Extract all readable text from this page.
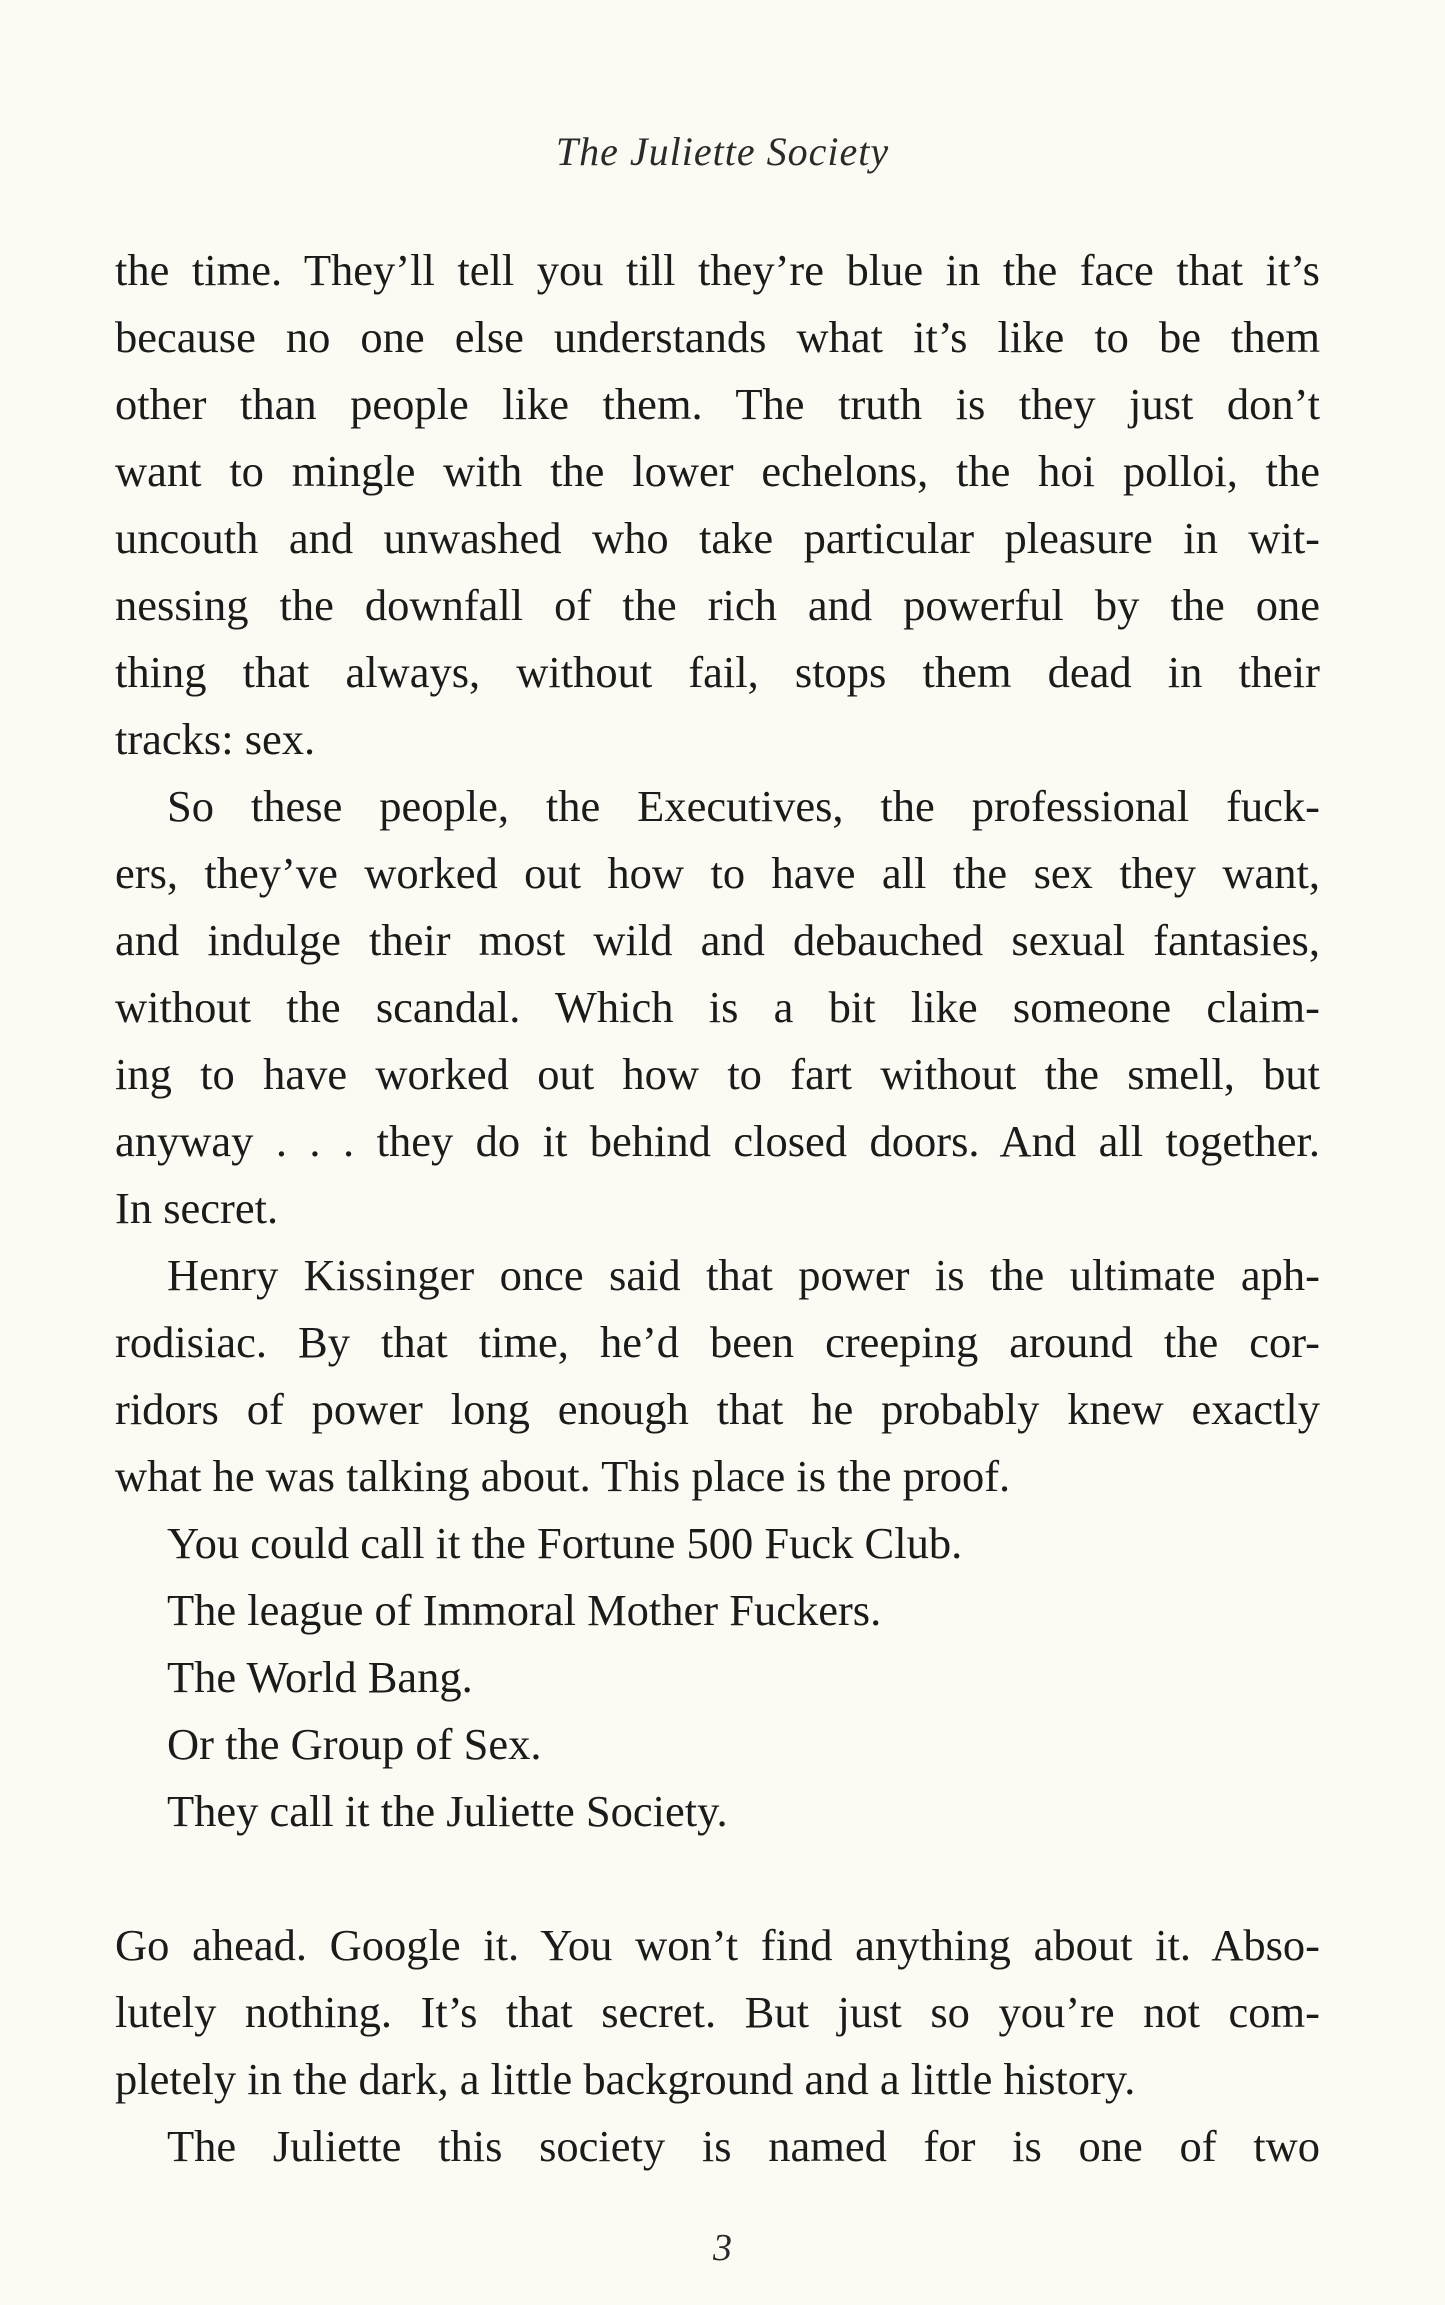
The Juliette Society
the time. They’ll tell you till they’re blue in the face that it’s
because no one else understands what it’s like to be them
other than people like them. The truth is they just don’t
want to mingle with the lower echelons, the hoi polloi, the
uncouth and unwashed who take particular pleasure in wit-
nessing the downfall of the rich and powerful by the one
thing that always, without fail, stops them dead in their
tracks: sex.
So these people, the Executives, the professional fuck-
ers, they’ve worked out how to have all the sex they want,
and indulge their most wild and debauched sexual fantasies,
without the scandal. Which is a bit like someone claim-
ing to have worked out how to fart without the smell, but
anyway . . . they do it behind closed doors. And all together.
In secret.
Henry Kissinger once said that power is the ultimate aph-
rodisiac. By that time, he’d been creeping around the cor-
ridors of power long enough that he probably knew exactly
what he was talking about. This place is the proof.
You could call it the Fortune 500 Fuck Club.
The league of Immoral Mother Fuckers.
The World Bang.
Or the Group of Sex.
They call it the Juliette Society.
Go ahead. Google it. You won’t find anything about it. Abso-
lutely nothing. It’s that secret. But just so you’re not com-
pletely in the dark, a little background and a little history.
The Juliette this society is named for is one of two
3
